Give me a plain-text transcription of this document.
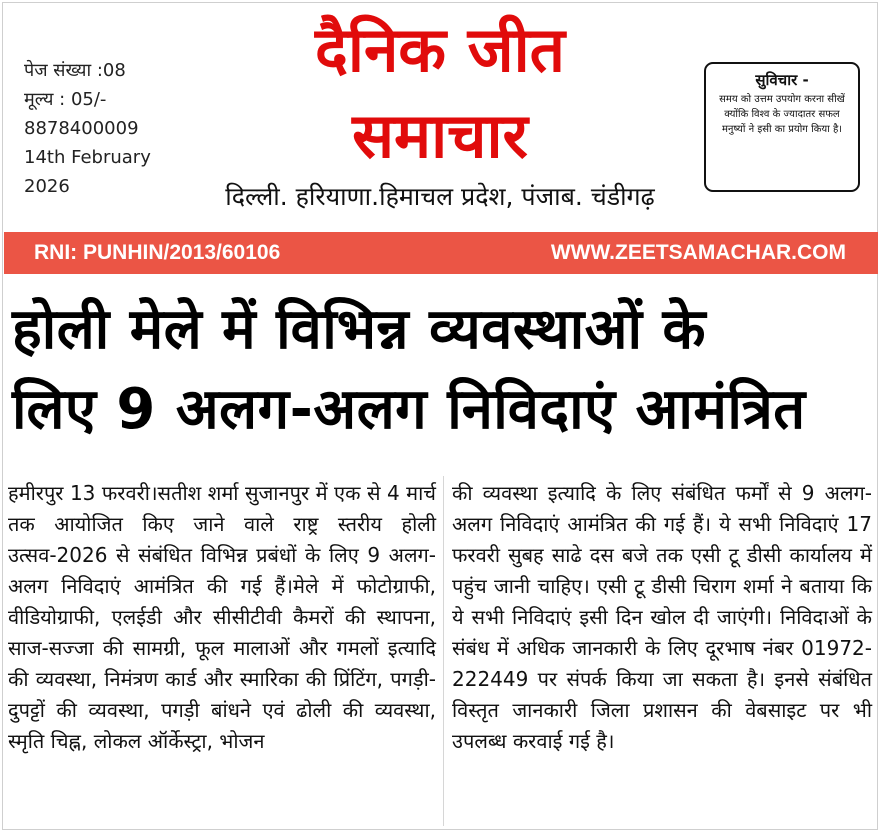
पेज संख्या :08
मूल्य : 05/-
8878400009
14th February
2026
दैनिक जीत
समाचार
दिल्ली. हरियाणा.हिमाचल प्रदेश, पंजाब. चंडीगढ़
सुविचार -
समय को उत्तम उपयोग करना सीखें क्योंकि विश्व के ज्यादातर सफल मनुष्यों ने इसी का प्रयोग किया है।
RNI: PUNHIN/2013/60106	WWW.ZEETSAMACHAR.COM
होली मेले में विभिन्न व्यवस्थाओं के
लिए 9 अलग-अलग निविदाएं आमंत्रित
हमीरपुर 13 फरवरी।सतीश शर्मा सुजानपुर में एक से 4 मार्च तक आयोजित किए जाने वाले राष्ट्र स्तरीय होली उत्सव-2026 से संबंधित विभिन्न प्रबंधों के लिए 9 अलग-अलग निविदाएं आमंत्रित की गई हैं।मेले में फोटोग्राफी, वीडियोग्राफी, एलईडी और सीसीटीवी कैमरों की स्थापना, साज-सज्जा की सामग्री, फूल मालाओं और गमलों इत्यादि की व्यवस्था, निमंत्रण कार्ड और स्मारिका की प्रिंटिंग, पगड़ी-दुपट्टों की व्यवस्था, पगड़ी बांधने एवं ढोली की व्यवस्था, स्मृति चिह्न, लोकल ऑर्केस्ट्रा, भोजन
की व्यवस्था इत्यादि के लिए संबंधित फर्मों से 9 अलग-अलग निविदाएं आमंत्रित की गई हैं। ये सभी निविदाएं 17 फरवरी सुबह साढे दस बजे तक एसी टू डीसी कार्यालय में पहुंच जानी चाहिए। एसी टू डीसी चिराग शर्मा ने बताया कि ये सभी निविदाएं इसी दिन खोल दी जाएंगी। निविदाओं के संबंध में अधिक जानकारी के लिए दूरभाष नंबर 01972-222449 पर संपर्क किया जा सकता है। इनसे संबंधित विस्तृत जानकारी जिला प्रशासन की वेबसाइट पर भी उपलब्ध करवाई गई है।
